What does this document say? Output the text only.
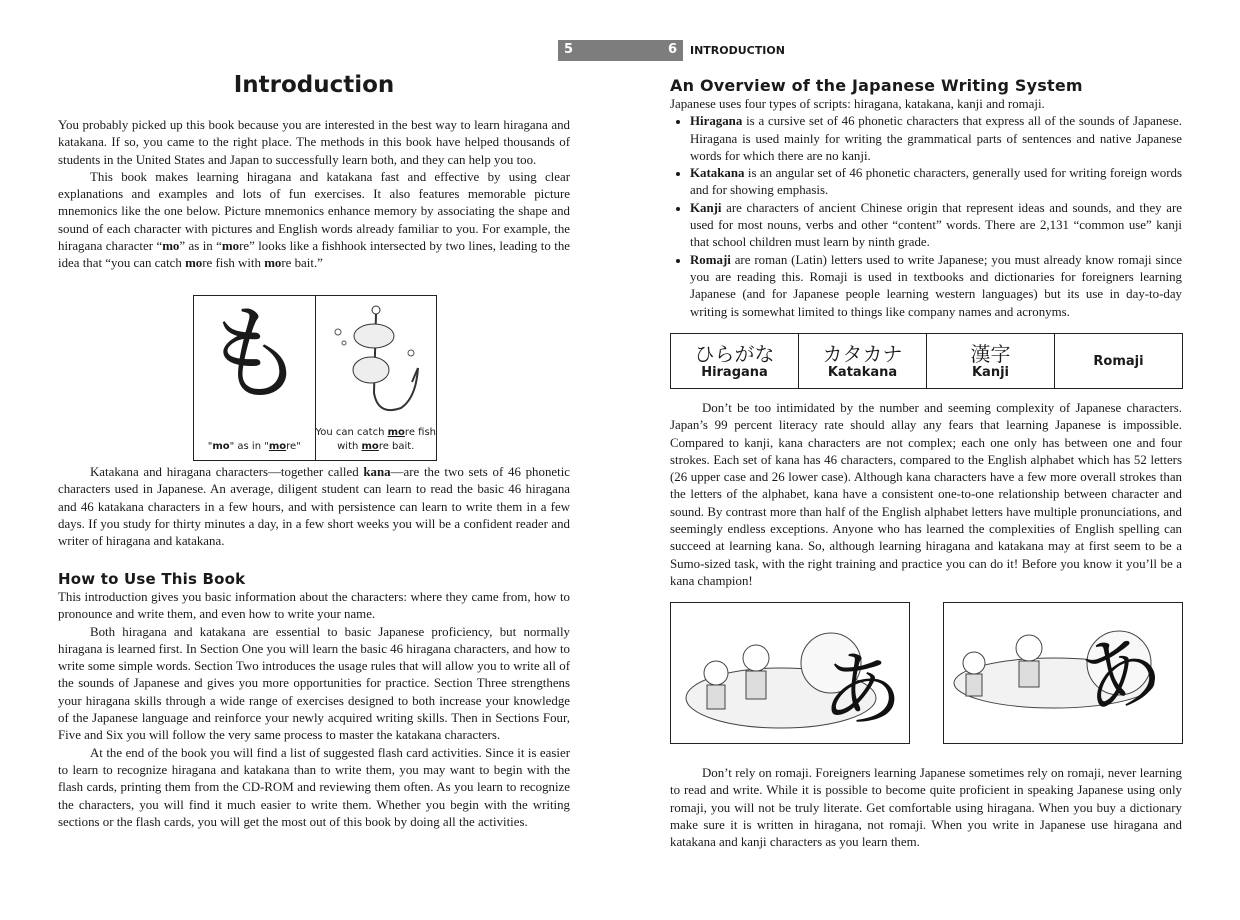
5	6 INTRODUCTION
Introduction

You probably picked up this book because you are interested in the best way to learn hiragana and katakana. If so, you came to the right place. The methods in this book have helped thousands of students in the United States and Japan to successfully learn both, and they can help you too.

This book makes learning hiragana and katakana fast and effective by using clear explanations and examples and lots of fun exercises. It also features memorable picture mnemonics like the one below. Picture mnemonics enhance memory by associating the shape and sound of each character with pictures and English words already familiar to you. For example, the hiragana character “mo” as in “more” looks like a fishhook intersected by two lines, leading to the idea that “you can catch more fish with more bait.”

も
"mo" as in "more"
You can catch more fish with more bait.

Katakana and hiragana characters—together called kana—are the two sets of 46 phonetic characters used in Japanese. An average, diligent student can learn to read the basic 46 hiragana and 46 katakana characters in a few hours, and with persistence can learn to write them in a few days. If you study for thirty minutes a day, in a few short weeks you will be a confident reader and writer of hiragana and katakana.

How to Use This Book

This introduction gives you basic information about the characters: where they came from, how to pronounce and write them, and even how to write your name.

Both hiragana and katakana are essential to basic Japanese proficiency, but normally hiragana is learned first. In Section One you will learn the basic 46 hiragana characters, and how to write some simple words. Section Two introduces the usage rules that will allow you to write all of the sounds of Japanese and gives you more opportunities for practice. Section Three strengthens your hiragana skills through a wide range of exercises designed to both increase your knowledge of the Japanese language and reinforce your newly acquired writing skills. Then in Sections Four, Five and Six you will follow the very same process to master the katakana characters.

At the end of the book you will find a list of suggested flash card activities. Since it is easier to learn to recognize hiragana and katakana than to write them, you may want to begin with the flash cards, printing them from the CD-ROM and reviewing them often. As you learn to recognize the characters, you will find it much easier to write them. Whether you begin with the writing sections or the flash cards, you will get the most out of this book by doing all the activities.

An Overview of the Japanese Writing System

Japanese uses four types of scripts: hiragana, katakana, kanji and romaji.

• Hiragana is a cursive set of 46 phonetic characters that express all of the sounds of Japanese. Hiragana is used mainly for writing the grammatical parts of sentences and native Japanese words for which there are no kanji.
• Katakana is an angular set of 46 phonetic characters, generally used for writing foreign words and for showing emphasis.
• Kanji are characters of ancient Chinese origin that represent ideas and sounds, and they are used for most nouns, verbs and other “content” words. There are 2,131 “common use” kanji that school children must learn by ninth grade.
• Romaji are roman (Latin) letters used to write Japanese; you must already know romaji since you are reading this. Romaji is used in textbooks and dictionaries for foreigners learning Japanese (and for Japanese people learning western languages) but its use in day-to-day writing is somewhat limited to things like company names and acronyms.
ひらがな
Hiragana
カタカナ
Katakana
漢字
Kanji
Romaji

Don’t be too intimidated by the number and seeming complexity of Japanese characters. Japan’s 99 percent literacy rate should allay any fears that learning Japanese is impossible. Compared to kanji, kana characters are not complex; each one only has between one and four strokes. Each set of kana has 46 characters, compared to the English alphabet which has 52 letters (26 upper case and 26 lower case). Although kana characters have a few more overall strokes than the letters of the alphabet, kana have a consistent one-to-one relationship between character and sound. By contrast more than half of the English alphabet letters have multiple pronunciations, and seemingly endless exceptions. Anyone who has learned the complexities of English spelling can succeed at learning kana. So, although learning hiragana and katakana may at first seem to be a Sumo-sized task, with the right training and practice you can do it! Before you know it you’ll be a kana champion!

あ あ

Don’t rely on romaji. Foreigners learning Japanese sometimes rely on romaji, never learning to read and write. While it is possible to become quite proficient in speaking Japanese using only romaji, you will not be truly literate. Get comfortable using hiragana. When you buy a dictionary make sure it is written in hiragana, not romaji. When you write in Japanese use hiragana and katakana and kanji characters as you learn them.
